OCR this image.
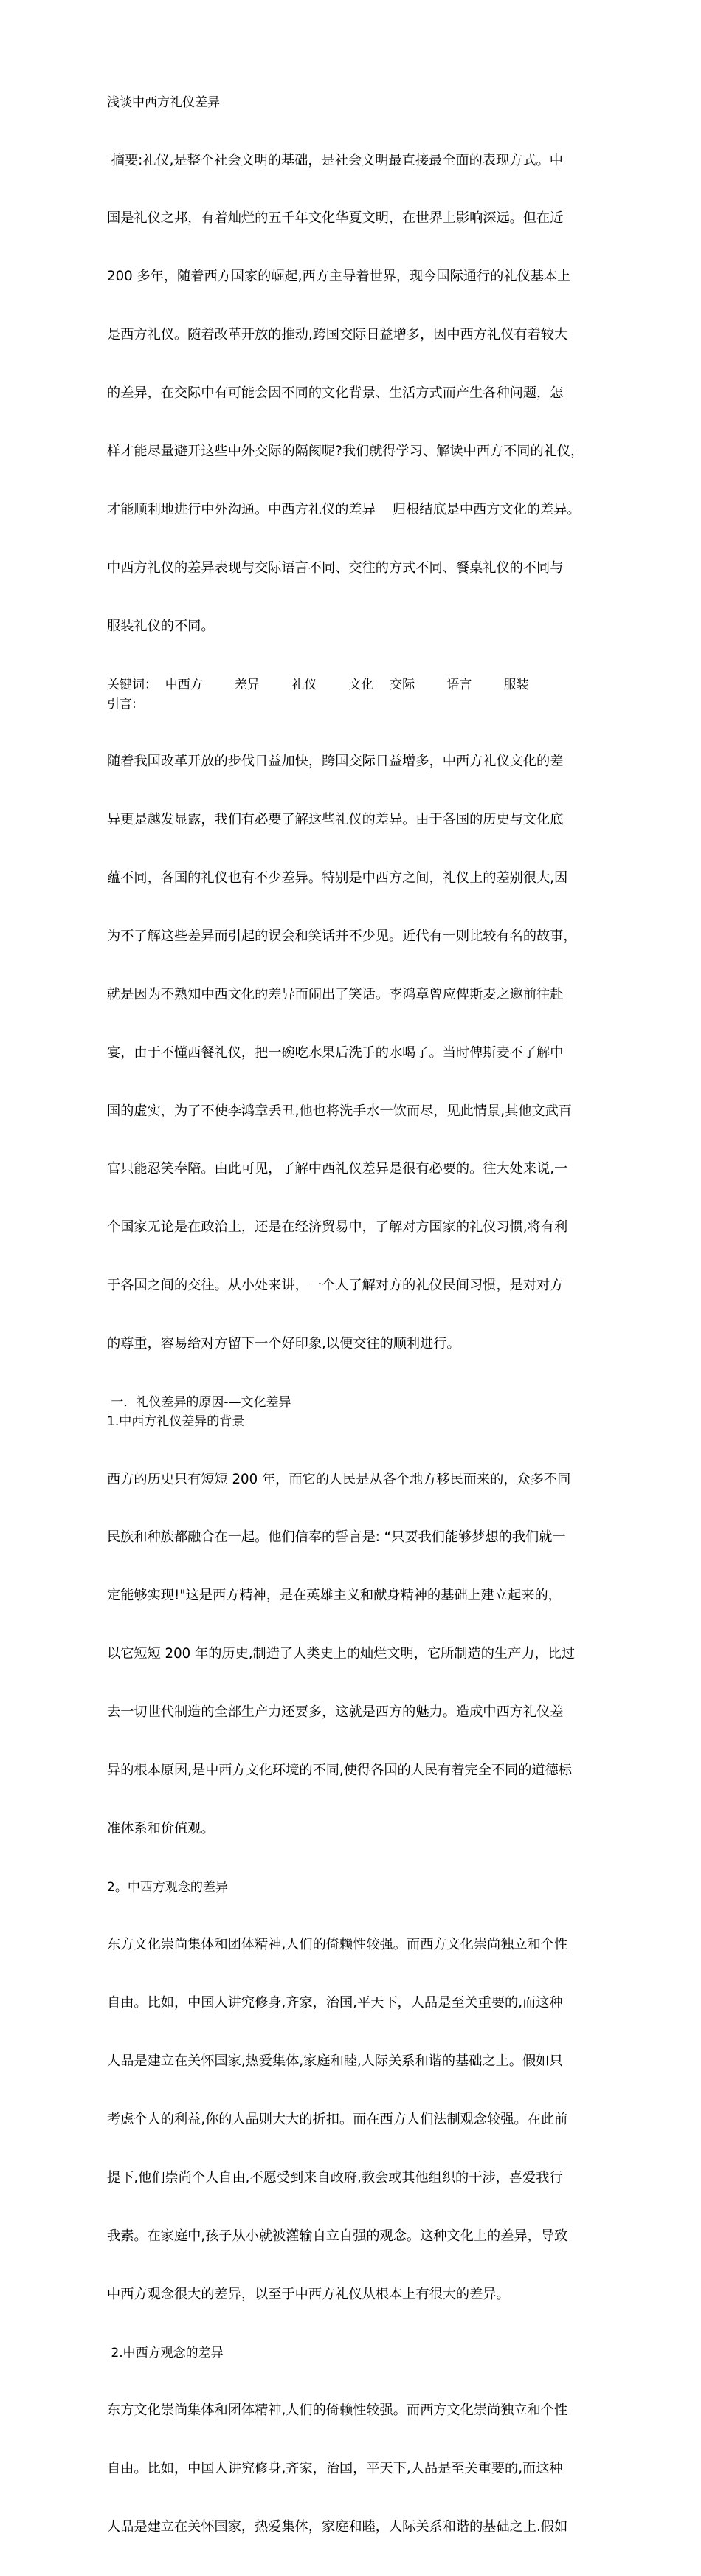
浅谈中西方礼仪差异

摘要:礼仪,是整个社会文明的基础，是社会文明最直接最全面的表现方式。中

国是礼仪之邦，有着灿烂的五千年文化华夏文明，在世界上影响深远。但在近

200 多年，随着西方国家的崛起,西方主导着世界，现今国际通行的礼仪基本上

是西方礼仪。随着改革开放的推动,跨国交际日益增多，因中西方礼仪有着较大

的差异，在交际中有可能会因不同的文化背景、生活方式而产生各种问题，怎

样才能尽量避开这些中外交际的隔阂呢?我们就得学习、解读中西方不同的礼仪，

才能顺利地进行中外沟通。中西方礼仪的差异    归根结底是中西方文化的差异。

中西方礼仪的差异表现与交际语言不同、交往的方式不同、餐桌礼仪的不同与

服装礼仪的不同。

关键词：  中西方        差异        礼仪        文化    交际        语言        服装

引言:

随着我国改革开放的步伐日益加快，跨国交际日益增多，中西方礼仪文化的差

异更是越发显露，我们有必要了解这些礼仪的差异。由于各国的历史与文化底

蕴不同，各国的礼仪也有不少差异。特别是中西方之间，礼仪上的差别很大,因

为不了解这些差异而引起的误会和笑话并不少见。近代有一则比较有名的故事，

就是因为不熟知中西文化的差异而闹出了笑话。李鸿章曾应俾斯麦之邀前往赴

宴，由于不懂西餐礼仪，把一碗吃水果后洗手的水喝了。当时俾斯麦不了解中

国的虚实，为了不使李鸿章丢丑,他也将洗手水一饮而尽，见此情景,其他文武百

官只能忍笑奉陪。由此可见，了解中西礼仪差异是很有必要的。往大处来说,一

个国家无论是在政治上，还是在经济贸易中，了解对方国家的礼仪习惯,将有利

于各国之间的交往。从小处来讲，一个人了解对方的礼仪民间习惯，是对对方

的尊重，容易给对方留下一个好印象,以便交往的顺利进行。

一．礼仪差异的原因-—文化差异

1.中西方礼仪差异的背景

西方的历史只有短短 200 年，而它的人民是从各个地方移民而来的，众多不同

民族和种族都融合在一起。他们信奉的誓言是: “只要我们能够梦想的我们就一

定能够实现!"这是西方精神，是在英雄主义和献身精神的基础上建立起来的，

以它短短 200 年的历史,制造了人类史上的灿烂文明，它所制造的生产力，比过

去一切世代制造的全部生产力还要多，这就是西方的魅力。造成中西方礼仪差

异的根本原因,是中西方文化环境的不同,使得各国的人民有着完全不同的道德标

准体系和价值观。

2。中西方观念的差异

东方文化崇尚集体和团体精神,人们的倚赖性较强。而西方文化崇尚独立和个性

自由。比如，中国人讲究修身,齐家，治国,平天下，人品是至关重要的,而这种

人品是建立在关怀国家,热爱集体,家庭和睦,人际关系和谐的基础之上。假如只

考虑个人的利益,你的人品则大大的折扣。而在西方人们法制观念较强。在此前

提下,他们崇尚个人自由,不愿受到来自政府,教会或其他组织的干涉，喜爱我行

我素。在家庭中,孩子从小就被灌输自立自强的观念。这种文化上的差异，导致

中西方观念很大的差异，以至于中西方礼仪从根本上有很大的差异。

2.中西方观念的差异

东方文化崇尚集体和团体精神,人们的倚赖性较强。而西方文化崇尚独立和个性

自由。比如，中国人讲究修身,齐家，治国，平天下,人品是至关重要的,而这种

人品是建立在关怀国家，热爱集体，家庭和睦，人际关系和谐的基础之上.假如
